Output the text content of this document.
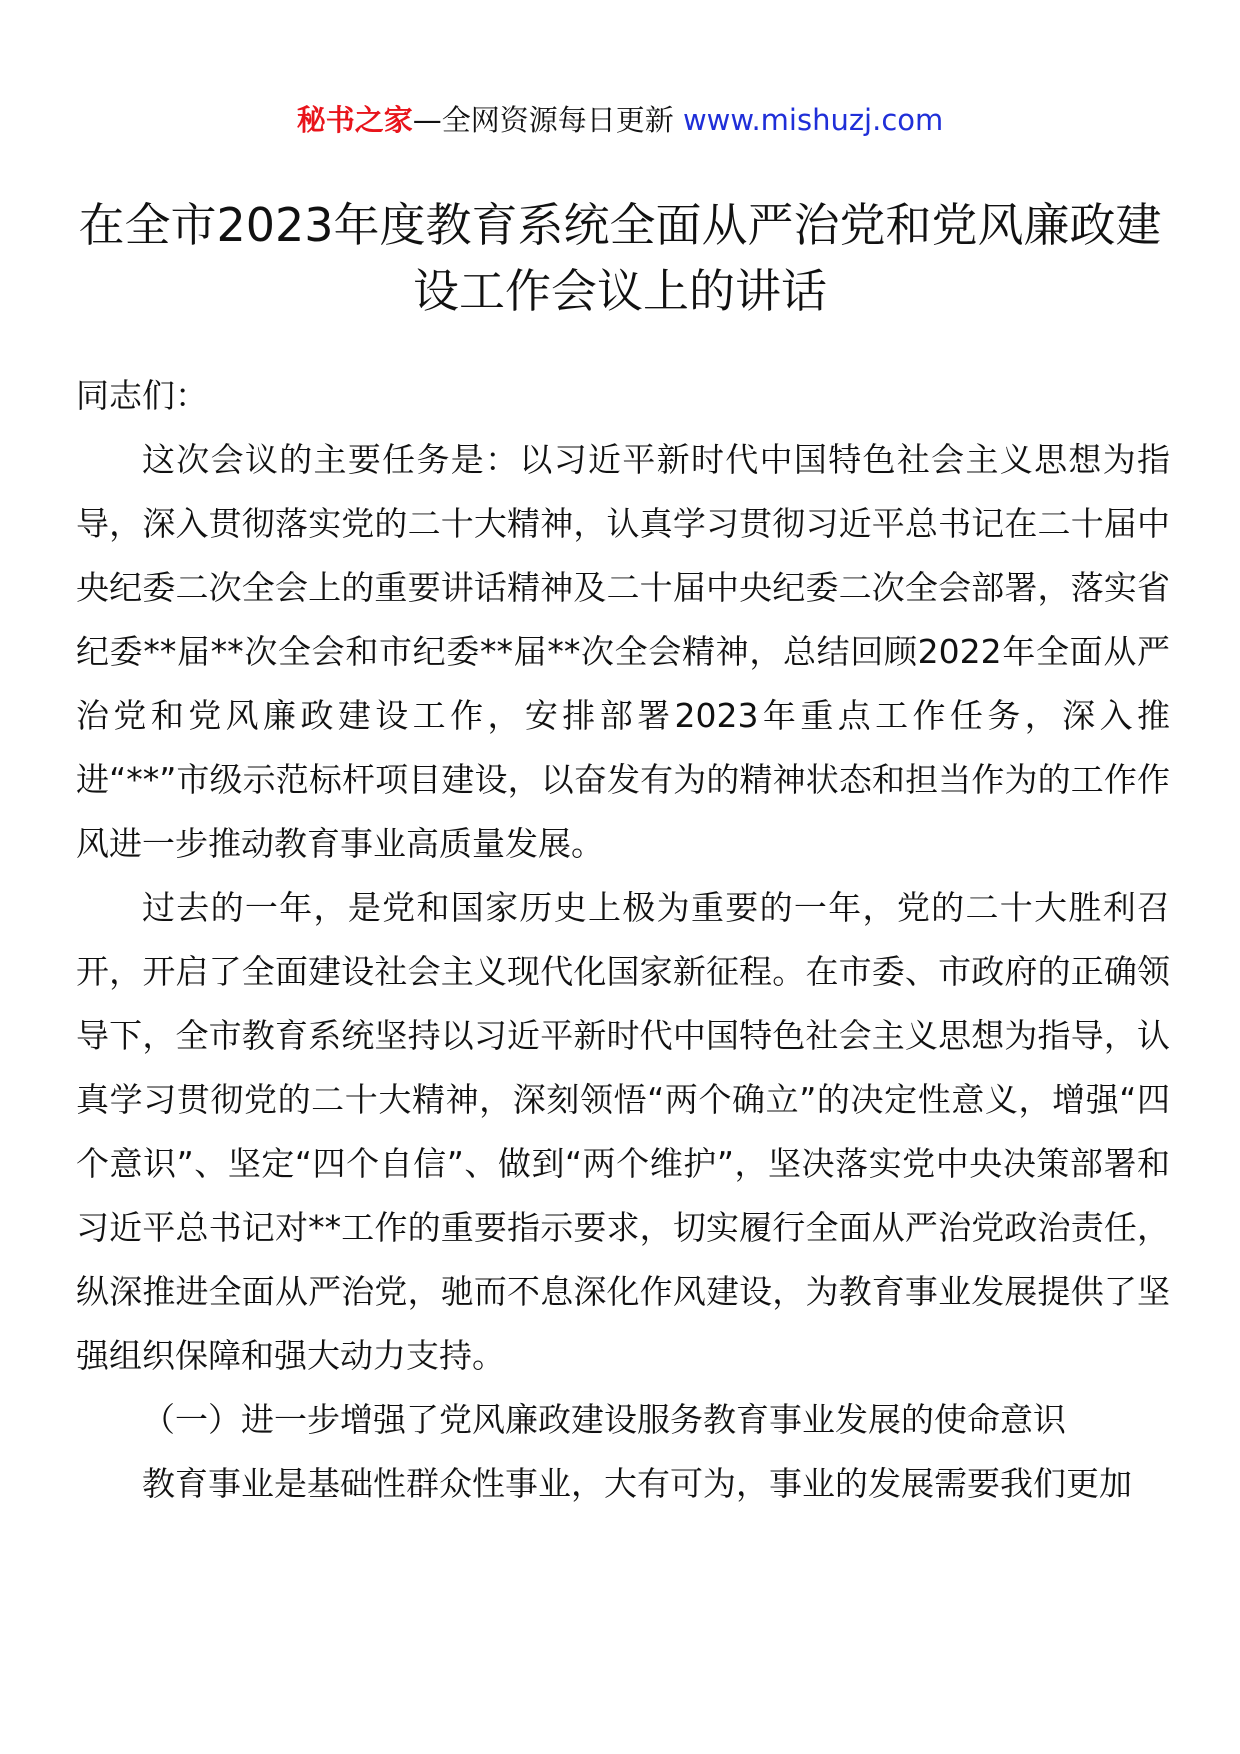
秘书之家—全网资源每日更新 www.mishuzj.com
在全市2023年度教育系统全面从严治党和党风廉政建设工作会议上的讲话

同志们：

这次会议的主要任务是：以习近平新时代中国特色社会主义思想为指导，深入贯彻落实党的二十大精神，认真学习贯彻习近平总书记在二十届中央纪委二次全会上的重要讲话精神及二十届中央纪委二次全会部署，落实省纪委**届**次全会和市纪委**届**次全会精神，总结回顾2022年全面从严治党和党风廉政建设工作，安排部署2023年重点工作任务，深入推进“**”市级示范标杆项目建设，以奋发有为的精神状态和担当作为的工作作风进一步推动教育事业高质量发展。

过去的一年，是党和国家历史上极为重要的一年，党的二十大胜利召开，开启了全面建设社会主义现代化国家新征程。在市委、市政府的正确领导下，全市教育系统坚持以习近平新时代中国特色社会主义思想为指导，认真学习贯彻党的二十大精神，深刻领悟“两个确立”的决定性意义，增强“四个意识”、坚定“四个自信”、做到“两个维护”，坚决落实党中央决策部署和习近平总书记对**工作的重要指示要求，切实履行全面从严治党政治责任，纵深推进全面从严治党，驰而不息深化作风建设，为教育事业发展提供了坚强组织保障和强大动力支持。

（一）进一步增强了党风廉政建设服务教育事业发展的使命意识

教育事业是基础性群众性事业，大有可为，事业的发展需要我们更加
